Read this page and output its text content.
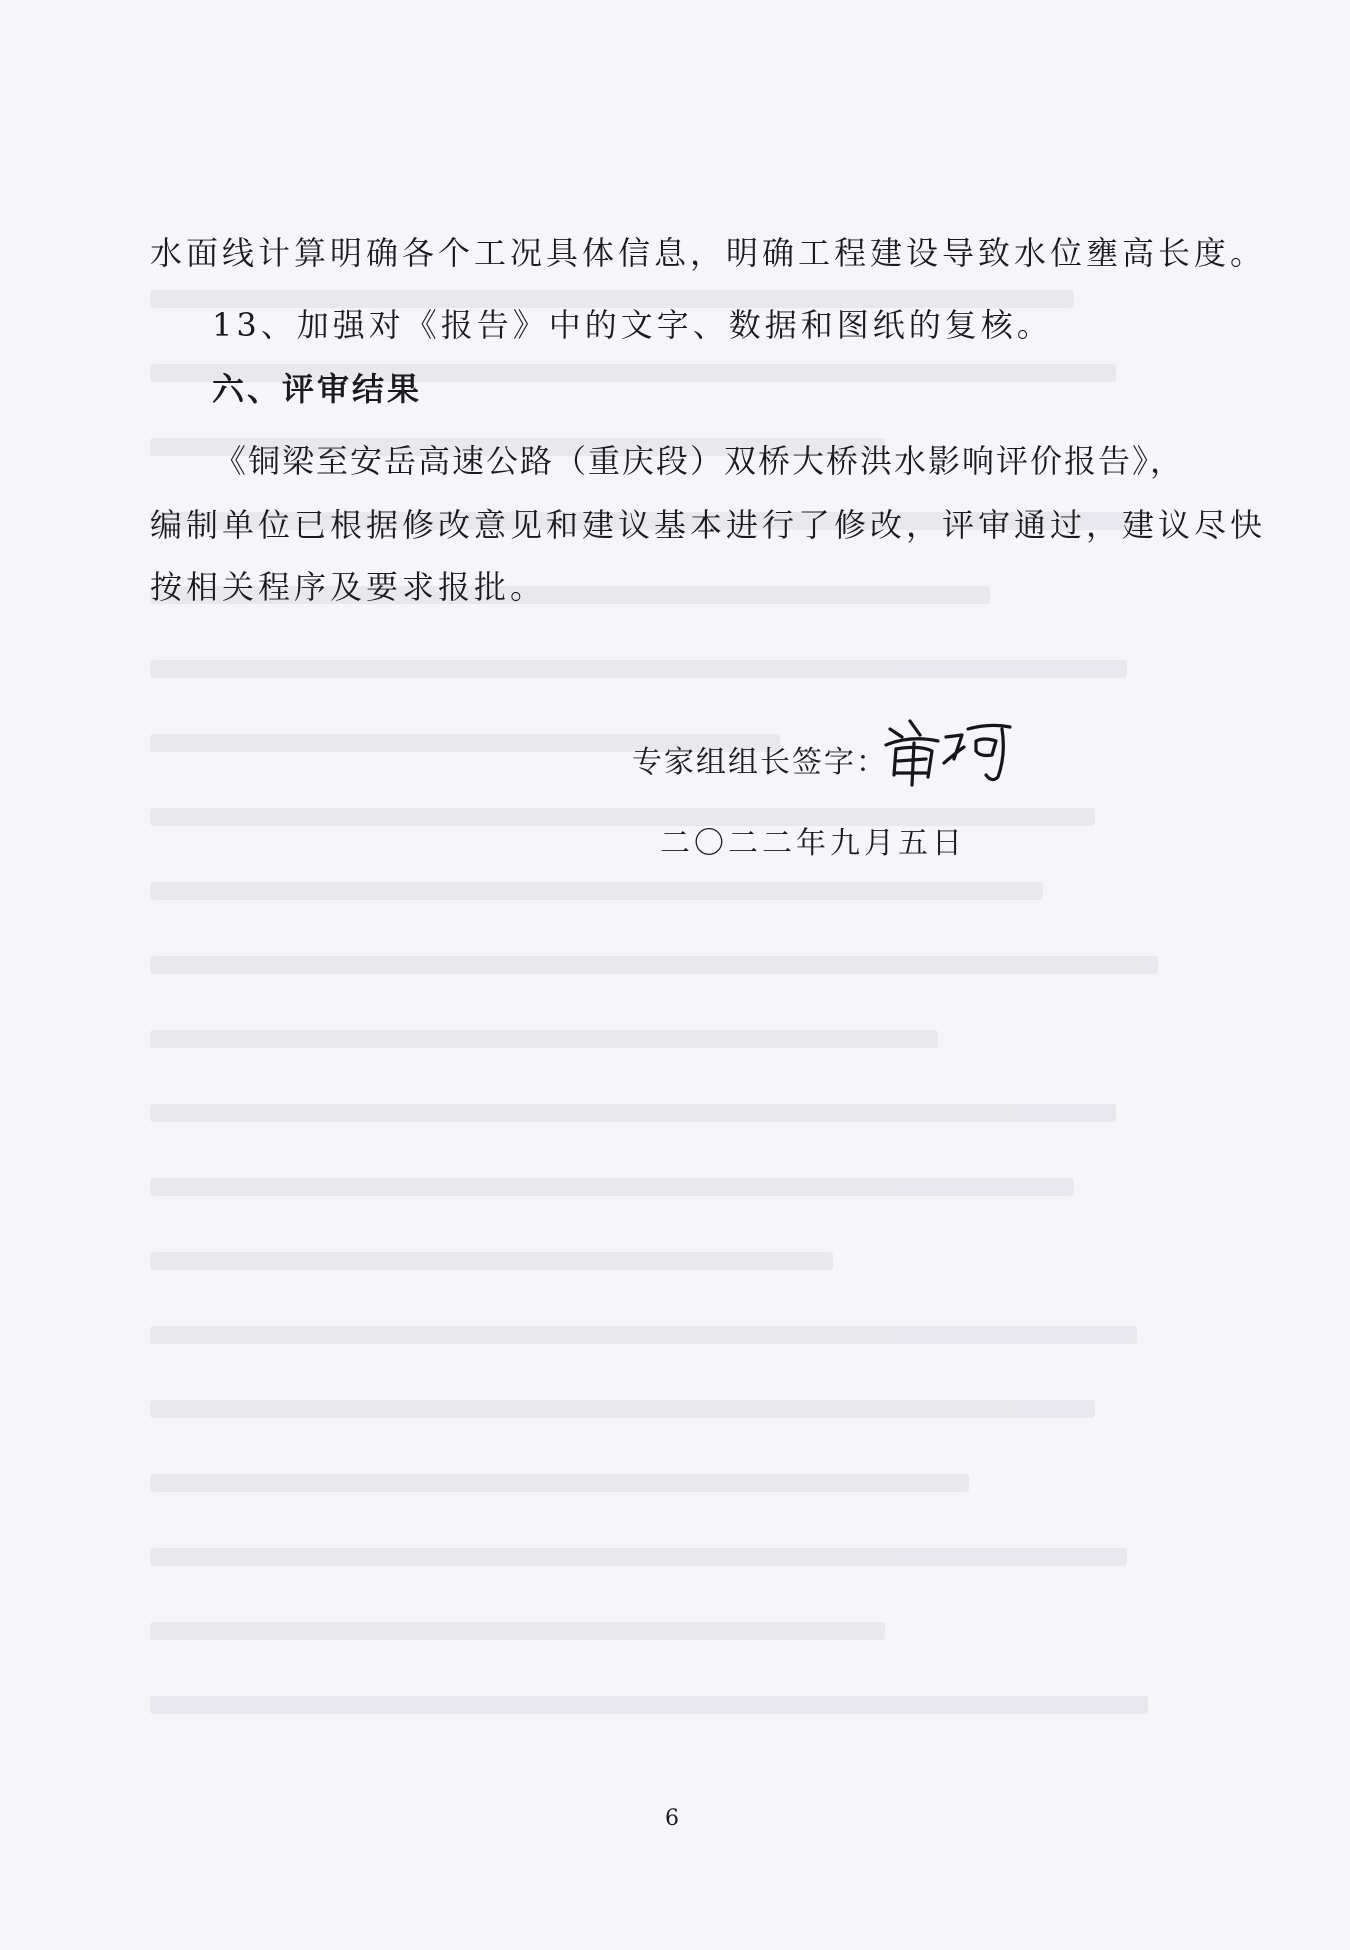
水面线计算明确各个工况具体信息，明确工程建设导致水位壅高长度。
13、加强对《报告》中的文字、数据和图纸的复核。
六、评审结果
《铜梁至安岳高速公路（重庆段）双桥大桥洪水影响评价报告》，
编制单位已根据修改意见和建议基本进行了修改，评审通过，建议尽快
按相关程序及要求报批。
专家组组长签字：
二〇二二年九月五日
6
